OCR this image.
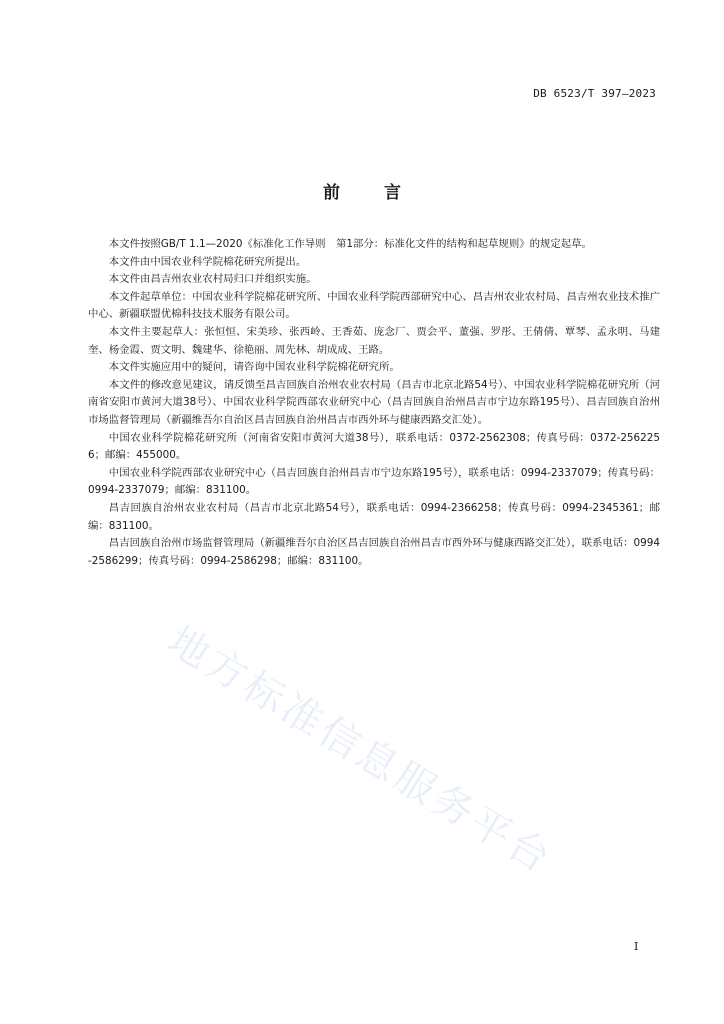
DB 6523/T 397—2023
前言

本文件按照GB/T 1.1—2020《标准化工作导则　第1部分：标准化文件的结构和起草规则》的规定起草。

本文件由中国农业科学院棉花研究所提出。

本文件由昌吉州农业农村局归口并组织实施。

本文件起草单位：中国农业科学院棉花研究所、中国农业科学院西部研究中心、昌吉州农业农村局、昌吉州农业技术推广中心、新疆联盟优棉科技技术服务有限公司。

本文件主要起草人：张恒恒、宋美珍、张西岭、王香茹、庞念厂、贾会平、董强、罗彤、王倩倩、覃琴、孟永明、马建奎、杨金霞、贾文明、魏建华、徐艳丽、周先林、胡成成、王路。

本文件实施应用中的疑问，请咨询中国农业科学院棉花研究所。

本文件的修改意见建议，请反馈至昌吉回族自治州农业农村局（昌吉市北京北路54号）、中国农业科学院棉花研究所（河南省安阳市黄河大道38号）、中国农业科学院西部农业研究中心（昌吉回族自治州昌吉市宁边东路195号）、昌吉回族自治州市场监督管理局（新疆维吾尔自治区昌吉回族自治州昌吉市西外环与健康西路交汇处）。

中国农业科学院棉花研究所（河南省安阳市黄河大道38号），联系电话：0372-2562308；传真号码：0372-2562256；邮编：455000。

中国农业科学院西部农业研究中心（昌吉回族自治州昌吉市宁边东路195号），联系电话：0994-2337079；传真号码：0994-2337079；邮编：831100。

昌吉回族自治州农业农村局（昌吉市北京北路54号），联系电话：0994-2366258；传真号码：0994-2345361；邮编：831100。

昌吉回族自治州市场监督管理局（新疆维吾尔自治区昌吉回族自治州昌吉市西外环与健康西路交汇处），联系电话：0994-2586299；传真号码：0994-2586298；邮编：831100。

地方标准信息服务平台
I
